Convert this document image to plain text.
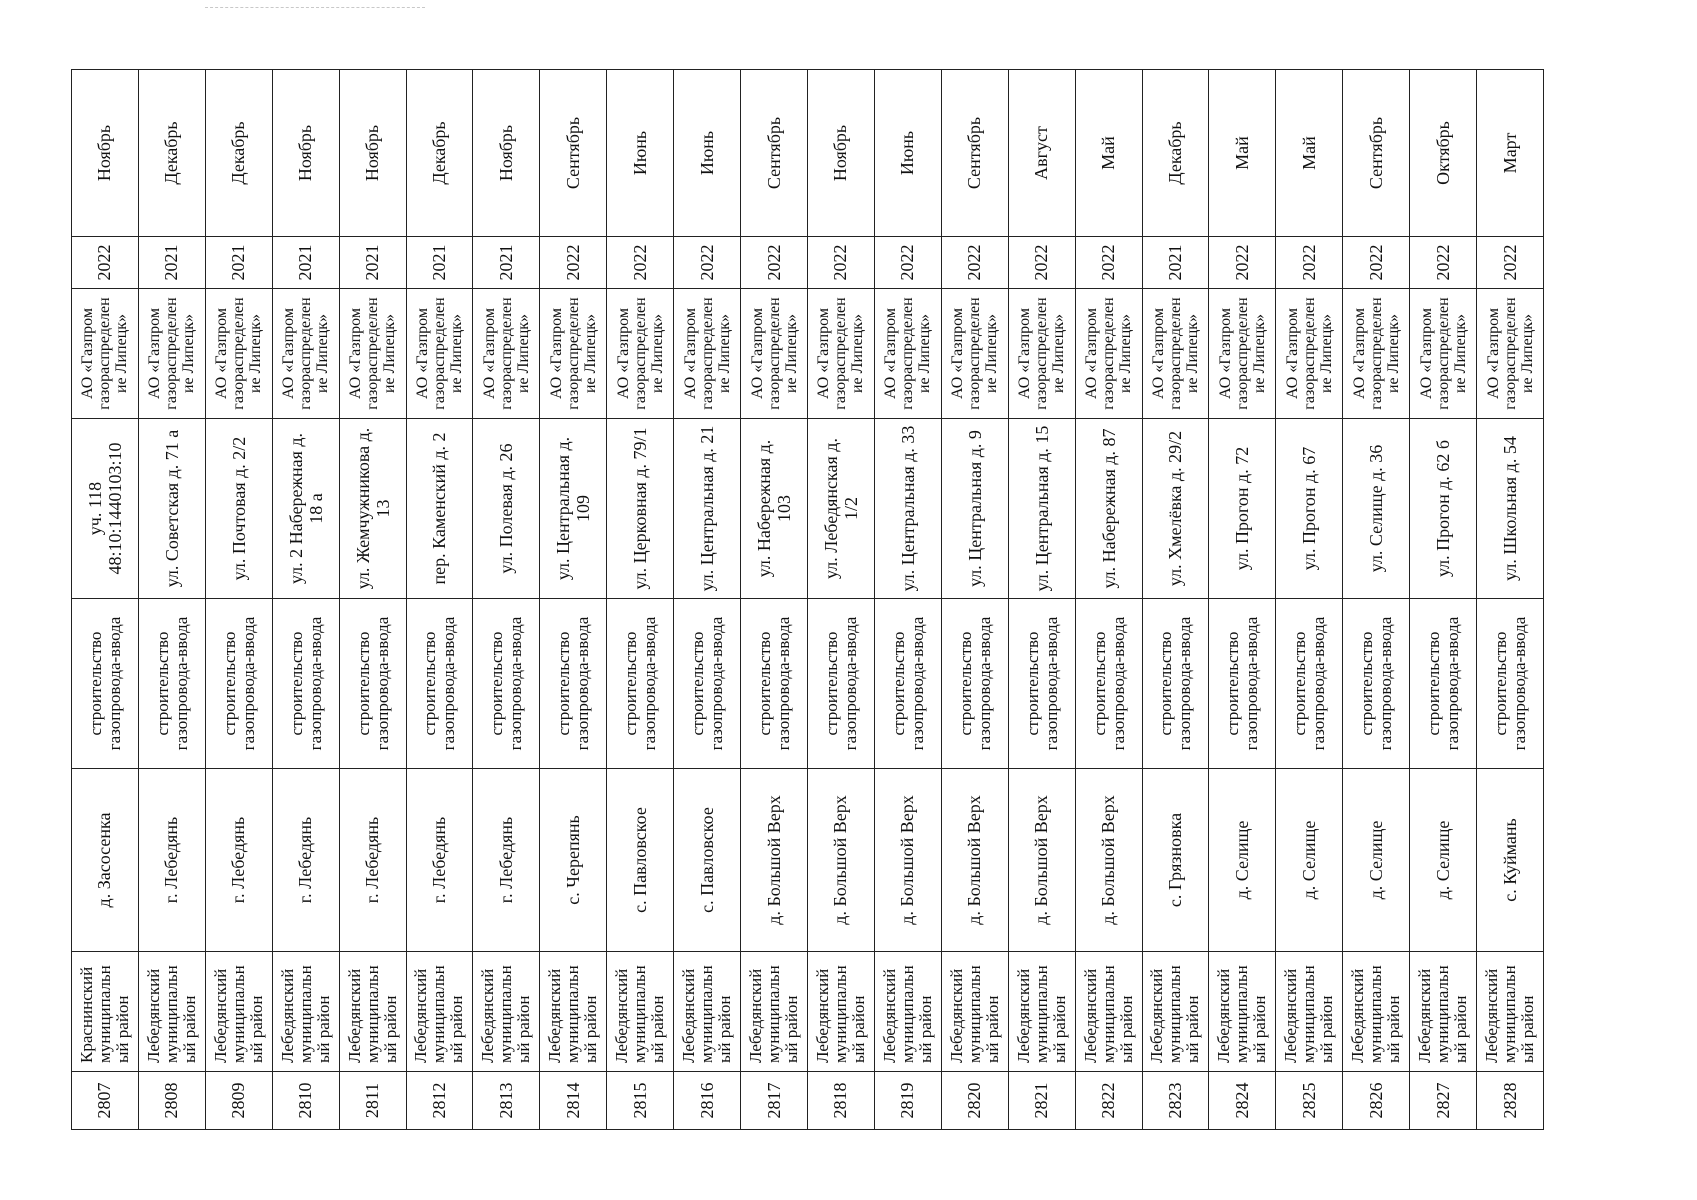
2807	Краснинский муниципальный район	д. Засосенка	строительство газопровода-ввода	уч. 118 48:10:1440103:10	АО «Газпром газораспределение Липецк»	2022	Ноябрь
2808	Лебедянский муниципальный район	г. Лебедянь	строительство газопровода-ввода	ул. Советская д. 71 а	АО «Газпром газораспределение Липецк»	2021	Декабрь
2809	Лебедянский муниципальный район	г. Лебедянь	строительство газопровода-ввода	ул. Почтовая д. 2/2	АО «Газпром газораспределение Липецк»	2021	Декабрь
2810	Лебедянский муниципальный район	г. Лебедянь	строительство газопровода-ввода	ул. 2 Набережная д. 18 а	АО «Газпром газораспределение Липецк»	2021	Ноябрь
2811	Лебедянский муниципальный район	г. Лебедянь	строительство газопровода-ввода	ул. Жемчужникова д. 13	АО «Газпром газораспределение Липецк»	2021	Ноябрь
2812	Лебедянский муниципальный район	г. Лебедянь	строительство газопровода-ввода	пер. Каменский д. 2	АО «Газпром газораспределение Липецк»	2021	Декабрь
2813	Лебедянский муниципальный район	г. Лебедянь	строительство газопровода-ввода	ул. Полевая д. 26	АО «Газпром газораспределение Липецк»	2021	Ноябрь
2814	Лебедянский муниципальный район	с. Черепянь	строительство газопровода-ввода	ул. Центральная д. 109	АО «Газпром газораспределение Липецк»	2022	Сентябрь
2815	Лебедянский муниципальный район	с. Павловское	строительство газопровода-ввода	ул. Церковная д. 79/1	АО «Газпром газораспределение Липецк»	2022	Июнь
2816	Лебедянский муниципальный район	с. Павловское	строительство газопровода-ввода	ул. Центральная д. 21	АО «Газпром газораспределение Липецк»	2022	Июнь
2817	Лебедянский муниципальный район	д. Большой Верх	строительство газопровода-ввода	ул. Набережная д. 103	АО «Газпром газораспределение Липецк»	2022	Сентябрь
2818	Лебедянский муниципальный район	д. Большой Верх	строительство газопровода-ввода	ул. Лебедянская д. 1/2	АО «Газпром газораспределение Липецк»	2022	Ноябрь
2819	Лебедянский муниципальный район	д. Большой Верх	строительство газопровода-ввода	ул. Центральная д. 33	АО «Газпром газораспределение Липецк»	2022	Июнь
2820	Лебедянский муниципальный район	д. Большой Верх	строительство газопровода-ввода	ул. Центральная д. 9	АО «Газпром газораспределение Липецк»	2022	Сентябрь
2821	Лебедянский муниципальный район	д. Большой Верх	строительство газопровода-ввода	ул. Центральная д. 15	АО «Газпром газораспределение Липецк»	2022	Август
2822	Лебедянский муниципальный район	д. Большой Верх	строительство газопровода-ввода	ул. Набережная д. 87	АО «Газпром газораспределение Липецк»	2022	Май
2823	Лебедянский муниципальный район	с. Грязновка	строительство газопровода-ввода	ул. Хмелёвка д. 29/2	АО «Газпром газораспределение Липецк»	2021	Декабрь
2824	Лебедянский муниципальный район	д. Селище	строительство газопровода-ввода	ул. Прогон д. 72	АО «Газпром газораспределение Липецк»	2022	Май
2825	Лебедянский муниципальный район	д. Селище	строительство газопровода-ввода	ул. Прогон д. 67	АО «Газпром газораспределение Липецк»	2022	Май
2826	Лебедянский муниципальный район	д. Селище	строительство газопровода-ввода	ул. Селище д. 36	АО «Газпром газораспределение Липецк»	2022	Сентябрь
2827	Лебедянский муниципальный район	д. Селище	строительство газопровода-ввода	ул. Прогон д. 62 б	АО «Газпром газораспределение Липецк»	2022	Октябрь
2828	Лебедянский муниципальный район	с. Куймань	строительство газопровода-ввода	ул. Школьная д. 54	АО «Газпром газораспределение Липецк»	2022	Март
